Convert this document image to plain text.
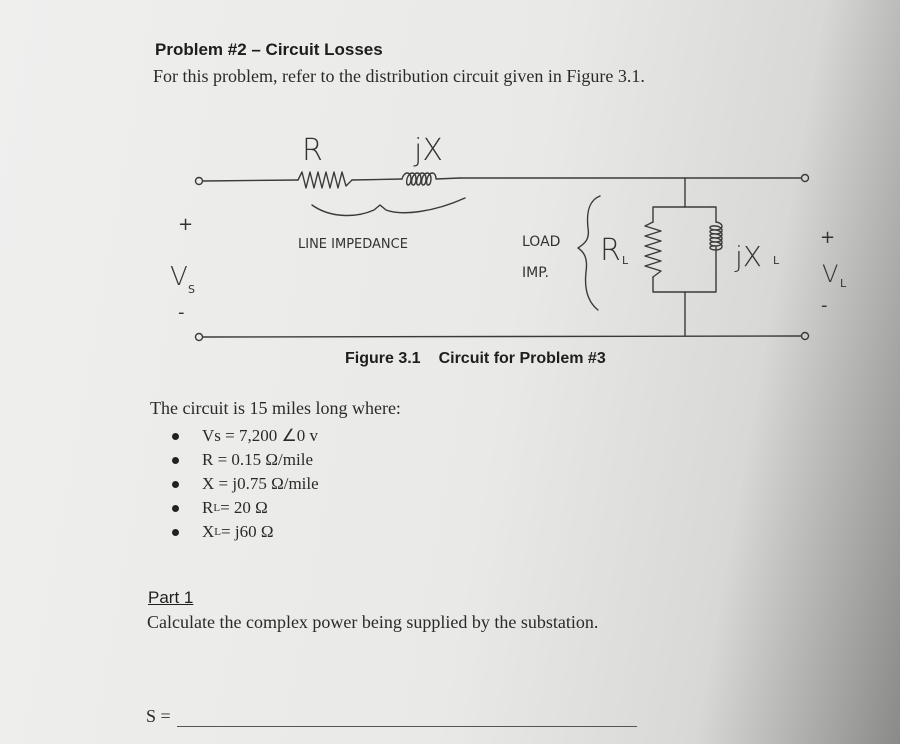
Problem #2 – Circuit Losses
For this problem, refer to the distribution circuit given in Figure 3.1.
R	jX
LINE IMPEDANCE	LOAD
IMP.
R L	jX L
+
V S
-
+
V L
-
Figure 3.1 Circuit for Problem #3
The circuit is 15 miles long where:
Vs = 7,200 ∠0 v
R = 0.15 Ω/mile
X = j0.75 Ω/mile
R L = 20 Ω
X L = j60 Ω
Part 1
Calculate the complex power being supplied by the substation.
S =
